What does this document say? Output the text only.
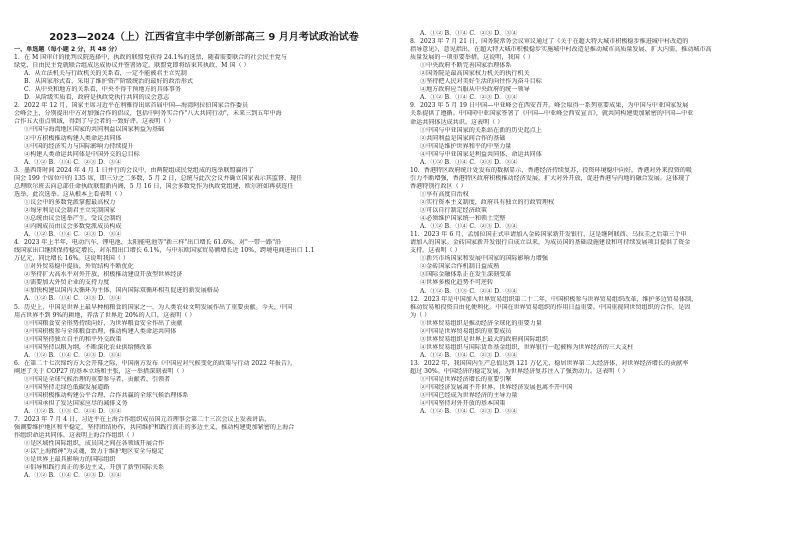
2023—2024（上）江西省宜丰中学创新部高三 9 月月考试政治试卷
一、单选题（每小题 2 分，共 48 分）
1．在 M 国审计的批判议院选择中，执政的联盟党获得 24.1%的选票，随着需要联合的社会民主党与
绿党、自由民主党就联合组成达成协议并签署协定，联盟党即将结束其执政，M 国（ ）
A．从立法机关与行政机关的关系看，一定不能被君主立宪制
B．从国家形式看，采用了维护资产阶级统治的最好的政治形式
C．从中央和地方的关系看，中央不得干预地方的具体事务
D．从阶级实质看，政府是执政党执行共同的议会意志
2．2022 年 12 月，国家主席习近平在利雅得出席首届中国—海湾阿拉伯国家合作委员
会峰会上，分别提出中方对加强合作的倡议，包括中阿务实合作"八大共同行动"，未来三到五年中海
合作五大重点领域，得到了与会者的一致好评。这表明（ ）
①中国与海湾地区国家的共同利益以国家利益为基础
②中方积极推动构建人类命运共同体
③中国的经济实力与国际影响力持续提升
④构建人类命运共同体是中国外交的总目标
A．①② B．①④ C．②③ D．③④
3．墨西哥时间 2024 年 4 月 1 日并行的会议中，由两院组成民党组成的选举联盟赢得了
国会 199 个席位中的 135 席，即三分之二多数，5 月 2 日，总统与此次会议并确立国家表示其监督、现任
总理欧尔班去向总部任命执政联盟新内阁，5 月 16 日，国会多数党作为执政党组建，欧尔班如再获连任
选举，此次选举。这从根本上看表明（ ）
①议会中的多数党派掌握最高权力
②匈牙利是议会制君主立宪制国家
③总统由议会选举产生，受议会制约
④内阁成员由议会多数党派成员构成
A．①② B．①④ C．②③ D．③④
4．2023 年上半年，电动汽车、锂电池、太阳能电池等"新三样"出口增长 61.6%，对"一带一路"沿
线国家出口继续保持稳定增长，对东盟出口增长 6.1%，与中东欧国家贸易额增长近 10%，跨境电商进出口 1.1
万亿元，同比增长 16%。这说明我国（ ）
①对外贸易稳中提质，外贸结构不断优化
②坚持扩大高水平对外开放，积极推动建设开放型世界经济
③需要加大外贸企业的支持力度
④加快构建以国内大循环为主体、国内国际双循环相互促进的新发展格局
A．①② B．①④ C．②③ D．③④
5．历史上，中国是世界上最早种植粮食的国家之一，为人类农业文明发展作出了重要贡献。今天，中国
用占世界不到 9%的耕地，养活了世界近 20%的人口，这表明（ ）
①中国粮食安全形势持续向好，为世界粮食安全作出了贡献
②中国积极参与全球粮食治理，推动构建人类命运共同体
③中国坚持独立自主的和平外交政策
④中国坚持以粮为纲，不断深化农业供给侧改革
A．①② B．①④ C．②③ D．③④
6．在第二十七次缔约方大会开幕之际，中国南方发布《中国应对气候变化的政策与行动 2022 年报告》，
阐述了关于 COP27 的基本立场和主张，这一举措深刻表明（ ）
①中国是全球气候治理的重要参与者、贡献者、引领者
②中国坚持走绿色低碳发展道路
③中国积极推动构建公平合理、合作共赢的全球气候治理体系
④中国承担了发达国家应尽的减排义务
A．①② B．①③ C．②④ D．③④
7．2023 年 7 月 4 日，习近平在上海合作组织成员国元首理事会第二十三次会议上发表讲话，
强调要维护地区和平稳定，坚持团结协作，共同维护和践行真正的多边主义，推动构建更加紧密的上海合
作组织命运共同体。这表明上海合作组织（ ）
①是区域性国际组织，成员国之间在各领域开展合作
②以"上海精神"为灵魂，致力于维护地区安全与稳定
③是世界上最具影响力的国际组织
④倡导和践行真正的多边主义，开创了新型国际关系
A．①② B．①④ C．②③ D．③④
A．①② B．①④ C．②③ D．③④
8．2023 年 7 月 21 日，国务院常务会议审议通过了《关于在超大特大城市积极稳步推进城中村改造的
指导意见》，意见指出，在超大特大城市积极稳步实施城中村改造是推动城市高质量发展、扩大内需、推动城市高
质量发展的一项重要举措。这说明，我国（ ）
①中央政府不断完善国家治理体系
②国务院是最高国家权力机关的执行机关
③坚持把人民对美好生活的向往作为奋斗目标
④地方政府应当服从中央政府的统一领导
A．①② B．①④ C．②③ D．③④
9．2023 年 5 月 19 日中国—中亚峰会在西安召开。峰会取得一系列重要成果，为中国与中亚国家发展
关系提供了遵循。中国同中亚国家签署了《中国—中亚峰会西安宣言》，就共同构建更加紧密的中国—中亚
命运共同体达成共识。这表明（ ）
①中国与中亚国家的关系站在新的历史起点上
②共同利益是国家间合作的基础
③中国是维护世界和平的中坚力量
④中国与中亚国家是利益共同体、命运共同体
A．①② B．①④ C．②③ D．③④
10．香港特区政府统计处发布的数据显示，香港经济持续复苏，投资环境稳中向好，香港对外来投资的吸
引力不断增强，香港特区政府积极推动经济发展，扩大对外开放，促进香港与内地的融合发展。这体现了
香港特别行政区（ ）
①享有高度自治权
②实行资本主义制度，政府具有独立的行政管理权
③可以自行制定经济政策
④必须维护国家统一和领土完整
A．①② B．①④ C．②③ D．③④
11．2023 年 6 月，孟加拉国正式申请加入金砖国家新开发银行，这是继阿联酋、乌拉圭之后第三个申
请加入的国家。金砖国家新开发银行自成立以来，为成员国的基础设施建设和可持续发展项目提供了资金
支持。这表明（ ）
①新兴市场国家和发展中国家的国际影响力增强
②金砖国家合作机制日益成熟
③国际金融体系正在发生深刻变革
④世界多极化趋势不可逆转
A．①② B．①③ C．②④ D．③④
12．2023 年是中国加入世界贸易组织第二十二年，中国积极参与世界贸易组织改革，维护多边贸易体制，
推动贸易和投资自由化便利化。中国在世界贸易组织的作用日益重要。中国重视同世贸组织的合作，是因
为（ ）
①世界贸易组织是推动经济全球化的重要力量
②中国是世界贸易组织的重要成员
③世界贸易组织是世界上最大的政府间国际组织
④世界贸易组织与国际货币基金组织、世界银行一起被称为世界经济的三大支柱
A．①② B．①④ C．②③ D．③④
13．2022 年，我国国内生产总值达到 121 万亿元，稳居世界第二大经济体，对世界经济增长的贡献率
超过 30%。中国经济的稳定发展，为世界经济复苏注入了强劲动力。这表明（ ）
①中国是世界经济增长的重要引擎
②中国经济发展离不开世界，世界经济发展也离不开中国
③中国已经成为世界经济的主导力量
④中国坚持对外开放的基本国策
A．①② B．①④ C．②③ D．③④
